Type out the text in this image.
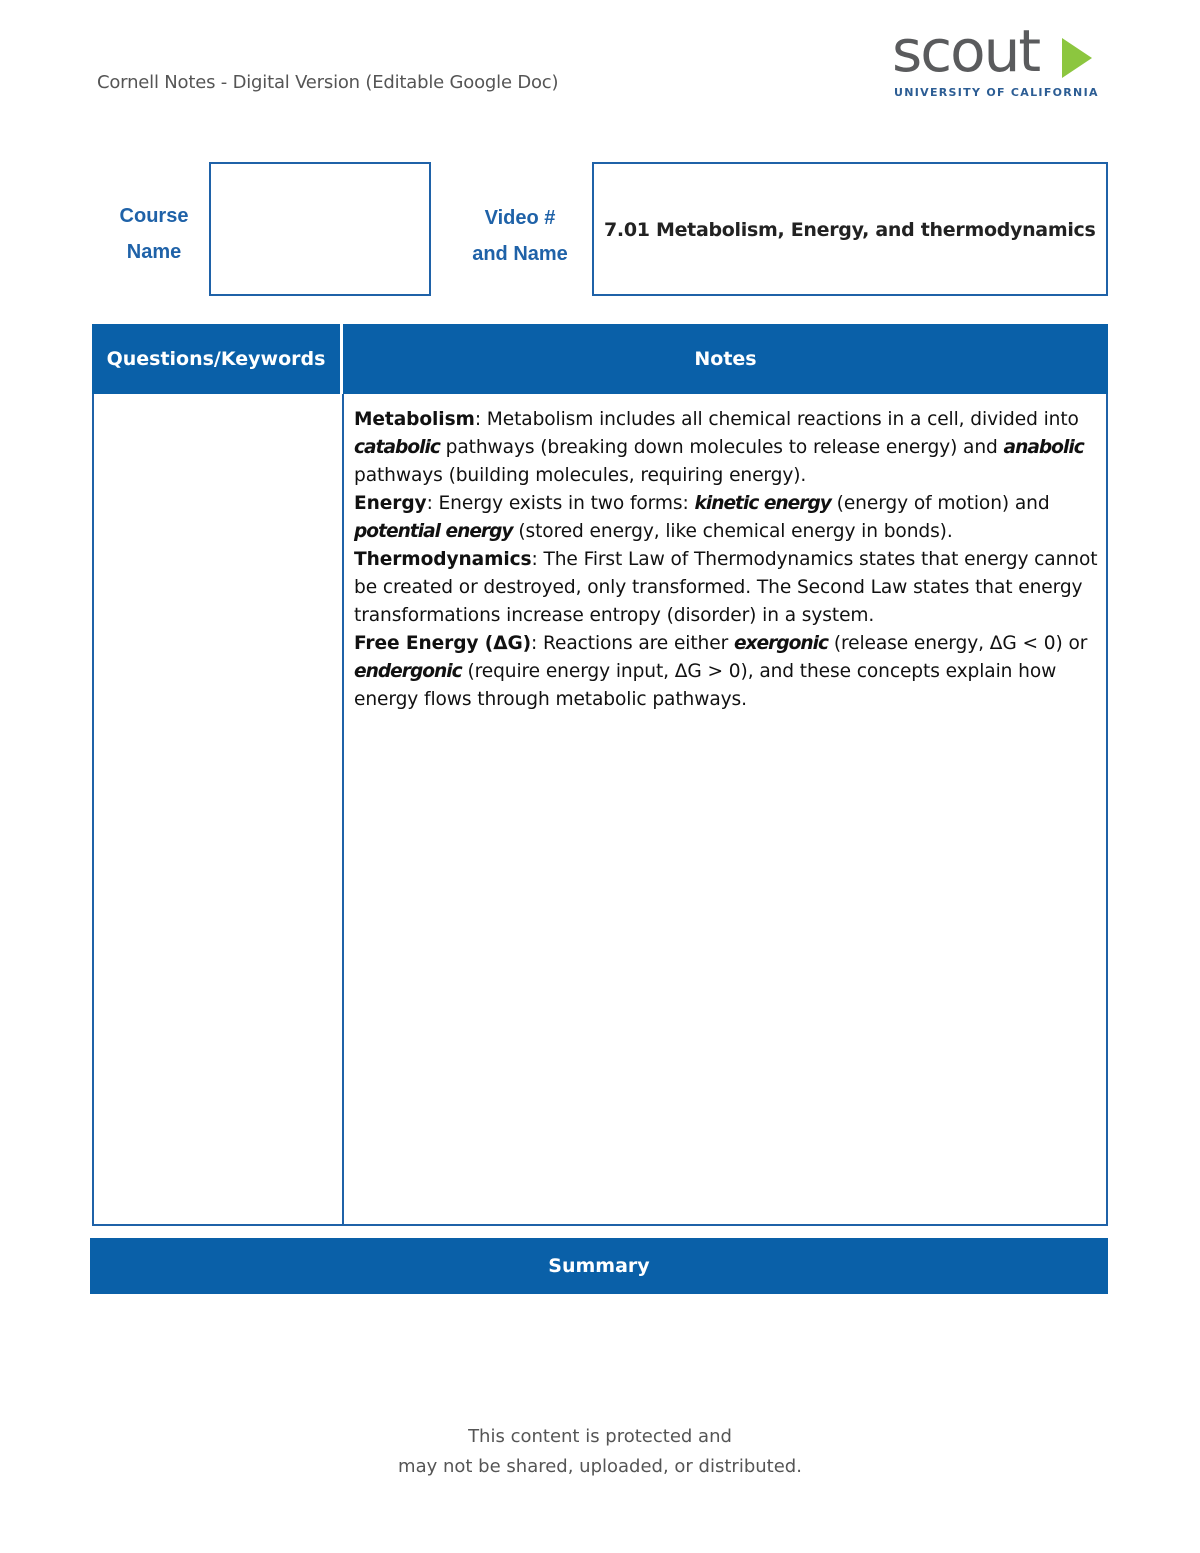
Cornell Notes - Digital Version (Editable Google Doc)	scout
UNIVERSITY OF CALIFORNIA
Course
Name
Video #
and Name
7.01 Metabolism, Energy, and thermodynamics
Questions/Keywords	Notes

Metabolism: Metabolism includes all chemical reactions in a cell, divided into catabolic pathways (breaking down molecules to release energy) and anabolic pathways (building molecules, requiring energy).

Energy: Energy exists in two forms: kinetic energy (energy of motion) and potential energy (stored energy, like chemical energy in bonds).

Thermodynamics: The First Law of Thermodynamics states that energy cannot be created or destroyed, only transformed. The Second Law states that energy transformations increase entropy (disorder) in a system.

Free Energy (ΔG): Reactions are either exergonic (release energy, ΔG < 0) or endergonic (require energy input, ΔG > 0), and these concepts explain how energy flows through metabolic pathways.

Summary
This content is protected and
may not be shared, uploaded, or distributed.
